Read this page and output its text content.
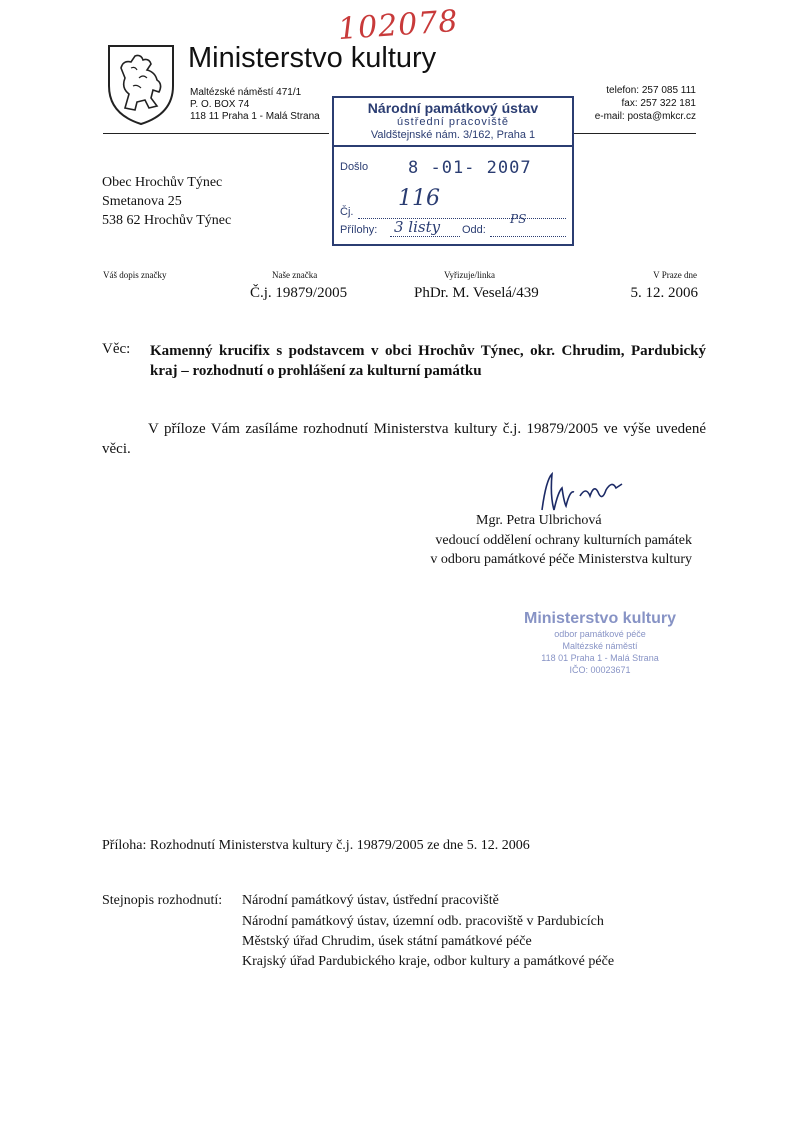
102078
Ministerstvo kultury
Maltézské náměstí 471/1
P. O. BOX 74
118 11 Praha 1 - Malá Strana
telefon: 257 085 111
fax: 257 322 181
e-mail: posta@mkcr.cz
Národní památkový ústav
ústřední pracoviště
Valdštejnské nám. 3/162, Praha 1
Došlo 8 -01- 2007
Čj.
116
Přílohy: 3 listy Odd:
PS
Obec Hrochův Týnec
Smetanova 25
538 62 Hrochův Týnec
Váš dopis značky	Naše značka
Č.j. 19879/2005
Vyřizuje/linka
PhDr. M. Veselá/439
V Praze dne
5. 12. 2006
Věc: Kamenný krucifix s podstavcem v obci Hrochův Týnec, okr. Chrudim, Pardubický kraj – rozhodnutí o prohlášení za kulturní památku
V příloze Vám zasíláme rozhodnutí Ministerstva kultury č.j. 19879/2005 ve výše uvedené věci.
Mgr. Petra Ulbrichová
vedoucí oddělení ochrany kulturních památek
v odboru památkové péče Ministerstva kultury
Ministerstvo kultury
odbor památkové péče
Maltézské náměstí
118 01 Praha 1 - Malá Strana
IČO: 00023671
Příloha: Rozhodnutí Ministerstva kultury č.j. 19879/2005 ze dne 5. 12. 2006
Stejnopis rozhodnutí: Národní památkový ústav, ústřední pracoviště
Národní památkový ústav, územní odb. pracoviště v Pardubicích
Městský úřad Chrudim, úsek státní památkové péče
Krajský úřad Pardubického kraje, odbor kultury a památkové péče
